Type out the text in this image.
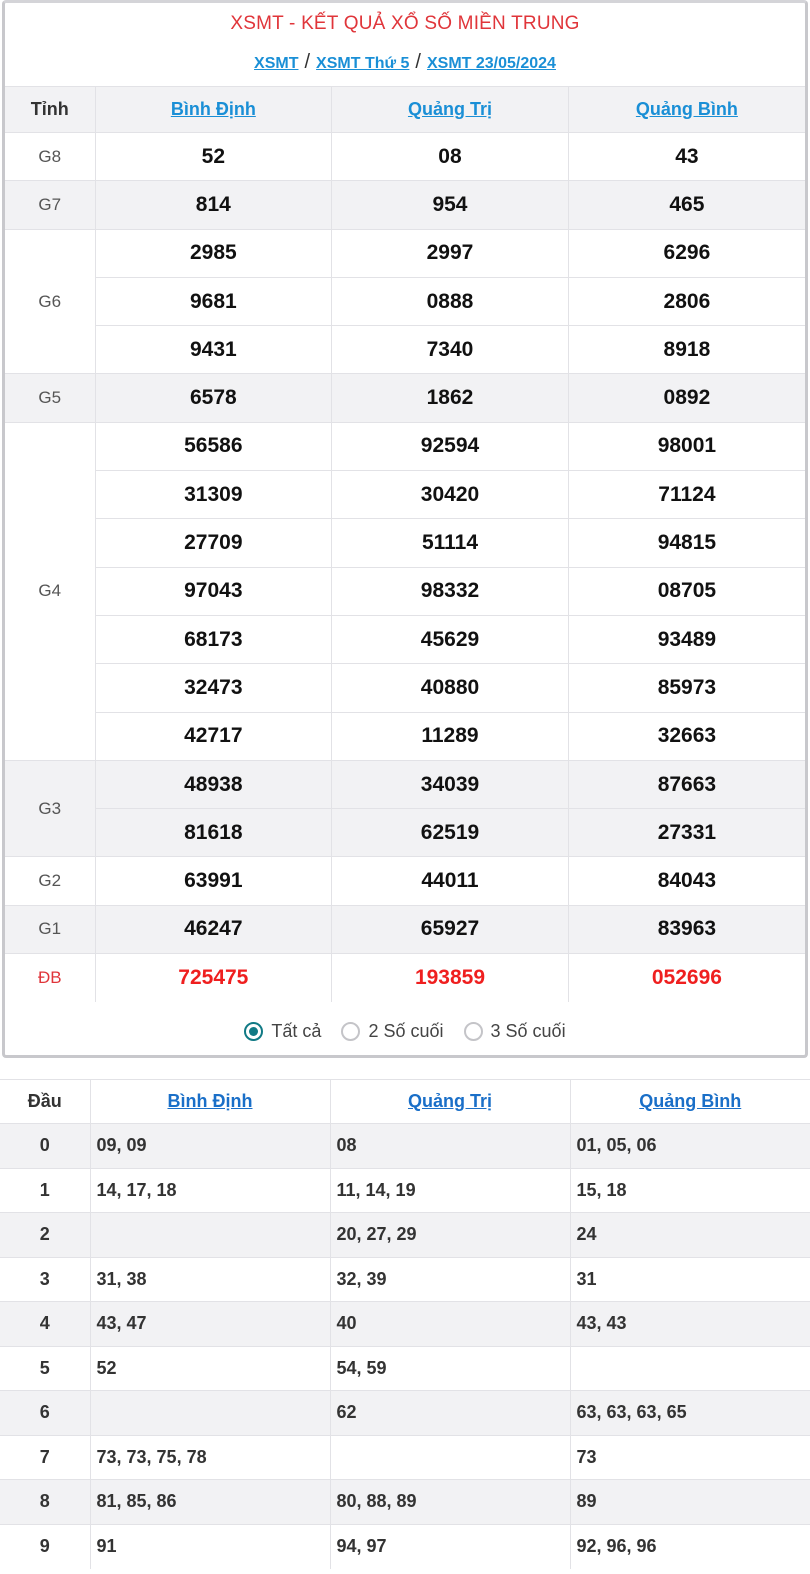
XSMT - KẾT QUẢ XỔ SỐ MIỀN TRUNG
XSMT / XSMT Thứ 5 / XSMT 23/05/2024
Tỉnh	Bình Định	Quảng Trị	Quảng Bình
G8	52	08	43
G7	814	954	465
G6	2985	2997	6296
	9681	0888	2806
	9431	7340	8918
G5	6578	1862	0892
G4	56586	92594	98001
	31309	30420	71124
	27709	51114	94815
	97043	98332	08705
	68173	45629	93489
	32473	40880	85973
	42717	11289	32663
G3	48938	34039	87663
	81618	62519	27331
G2	63991	44011	84043
G1	46247	65927	83963
ĐB	725475	193859	052696
Tất cả	2 Số cuối	3 Số cuối
Đầu	Bình Định	Quảng Trị	Quảng Bình
0	09, 09	08	01, 05, 06
1	14, 17, 18	11, 14, 19	15, 18
2		20, 27, 29	24
3	31, 38	32, 39	31
4	43, 47	40	43, 43
5	52	54, 59	
6		62	63, 63, 63, 65
7	73, 73, 75, 78		73
8	81, 85, 86	80, 88, 89	89
9	91	94, 97	92, 96, 96
